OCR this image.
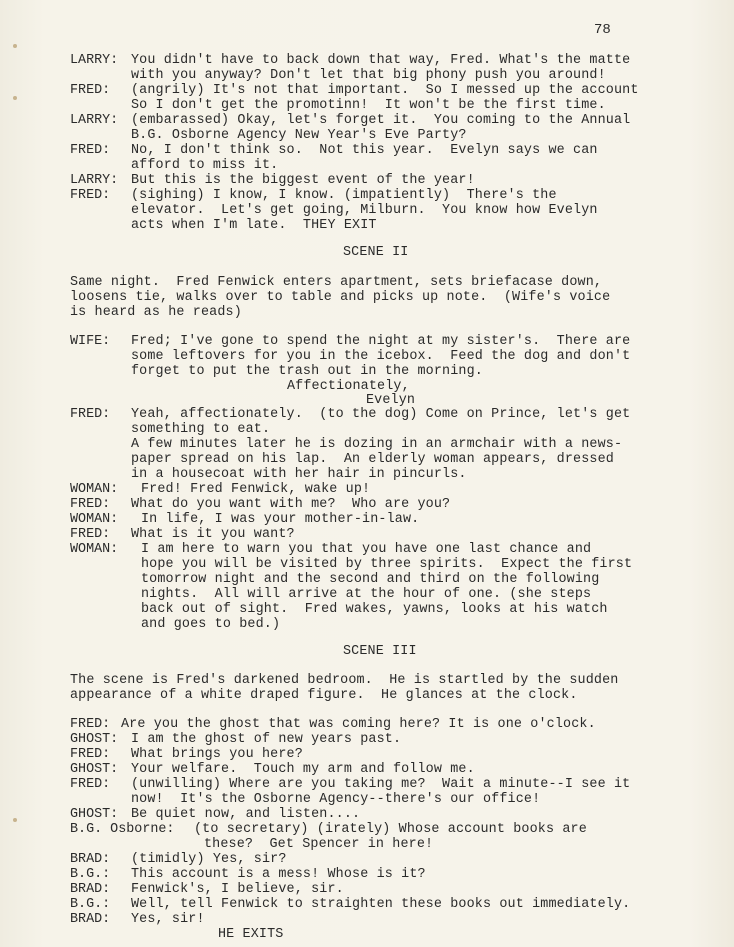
78
LARRY: You didn't have to back down that way, Fred. What's the matte
with you anyway? Don't let that big phony push you around!
FRED: (angrily) It's not that important.  So I messed up the account
So I don't get the promotinn!  It won't be the first time.
LARRY: (embarassed) Okay, let's forget it.  You coming to the Annual
B.G. Osborne Agency New Year's Eve Party?
FRED: No, I don't think so.  Not this year.  Evelyn says we can
afford to miss it.
LARRY: But this is the biggest event of the year!
FRED: (sighing) I know, I know. (impatiently)  There's the
elevator.  Let's get going, Milburn.  You know how Evelyn
acts when I'm late.  THEY EXIT
SCENE II
Same night.  Fred Fenwick enters apartment, sets briefacase down,
loosens tie, walks over to table and picks up note.  (Wife's voice
is heard as he reads)
WIFE: Fred; I've gone to spend the night at my sister's.  There are
some leftovers for you in the icebox.  Feed the dog and don't
forget to put the trash out in the morning.
Affectionately,
Evelyn
FRED: Yeah, affectionately.  (to the dog) Come on Prince, let's get
something to eat.
A few minutes later he is dozing in an armchair with a news-
paper spread on his lap.  An elderly woman appears, dressed
in a housecoat with her hair in pincurls.
WOMAN: Fred! Fred Fenwick, wake up!
FRED: What do you want with me?  Who are you?
WOMAN: In life, I was your mother-in-law.
FRED: What is it you want?
WOMAN: I am here to warn you that you have one last chance and
hope you will be visited by three spirits.  Expect the first
tomorrow night and the second and third on the following
nights.  All will arrive at the hour of one. (she steps
back out of sight.  Fred wakes, yawns, looks at his watch
and goes to bed.)
SCENE III
The scene is Fred's darkened bedroom.  He is startled by the sudden
appearance of a white draped figure.  He glances at the clock.
FRED: Are you the ghost that was coming here? It is one o'clock.
GHOST: I am the ghost of new years past.
FRED: What brings you here?
GHOST: Your welfare.  Touch my arm and follow me.
FRED: (unwilling) Where are you taking me?  Wait a minute--I see it
now!  It's the Osborne Agency--there's our office!
GHOST: Be quiet now, and listen....
B.G. Osborne: (to secretary) (irately) Whose account books are
these?  Get Spencer in here!
BRAD: (timidly) Yes, sir?
B.G.: This account is a mess! Whose is it?
BRAD: Fenwick's, I believe, sir.
B.G.: Well, tell Fenwick to straighten these books out immediately.
BRAD: Yes, sir!
HE EXITS
